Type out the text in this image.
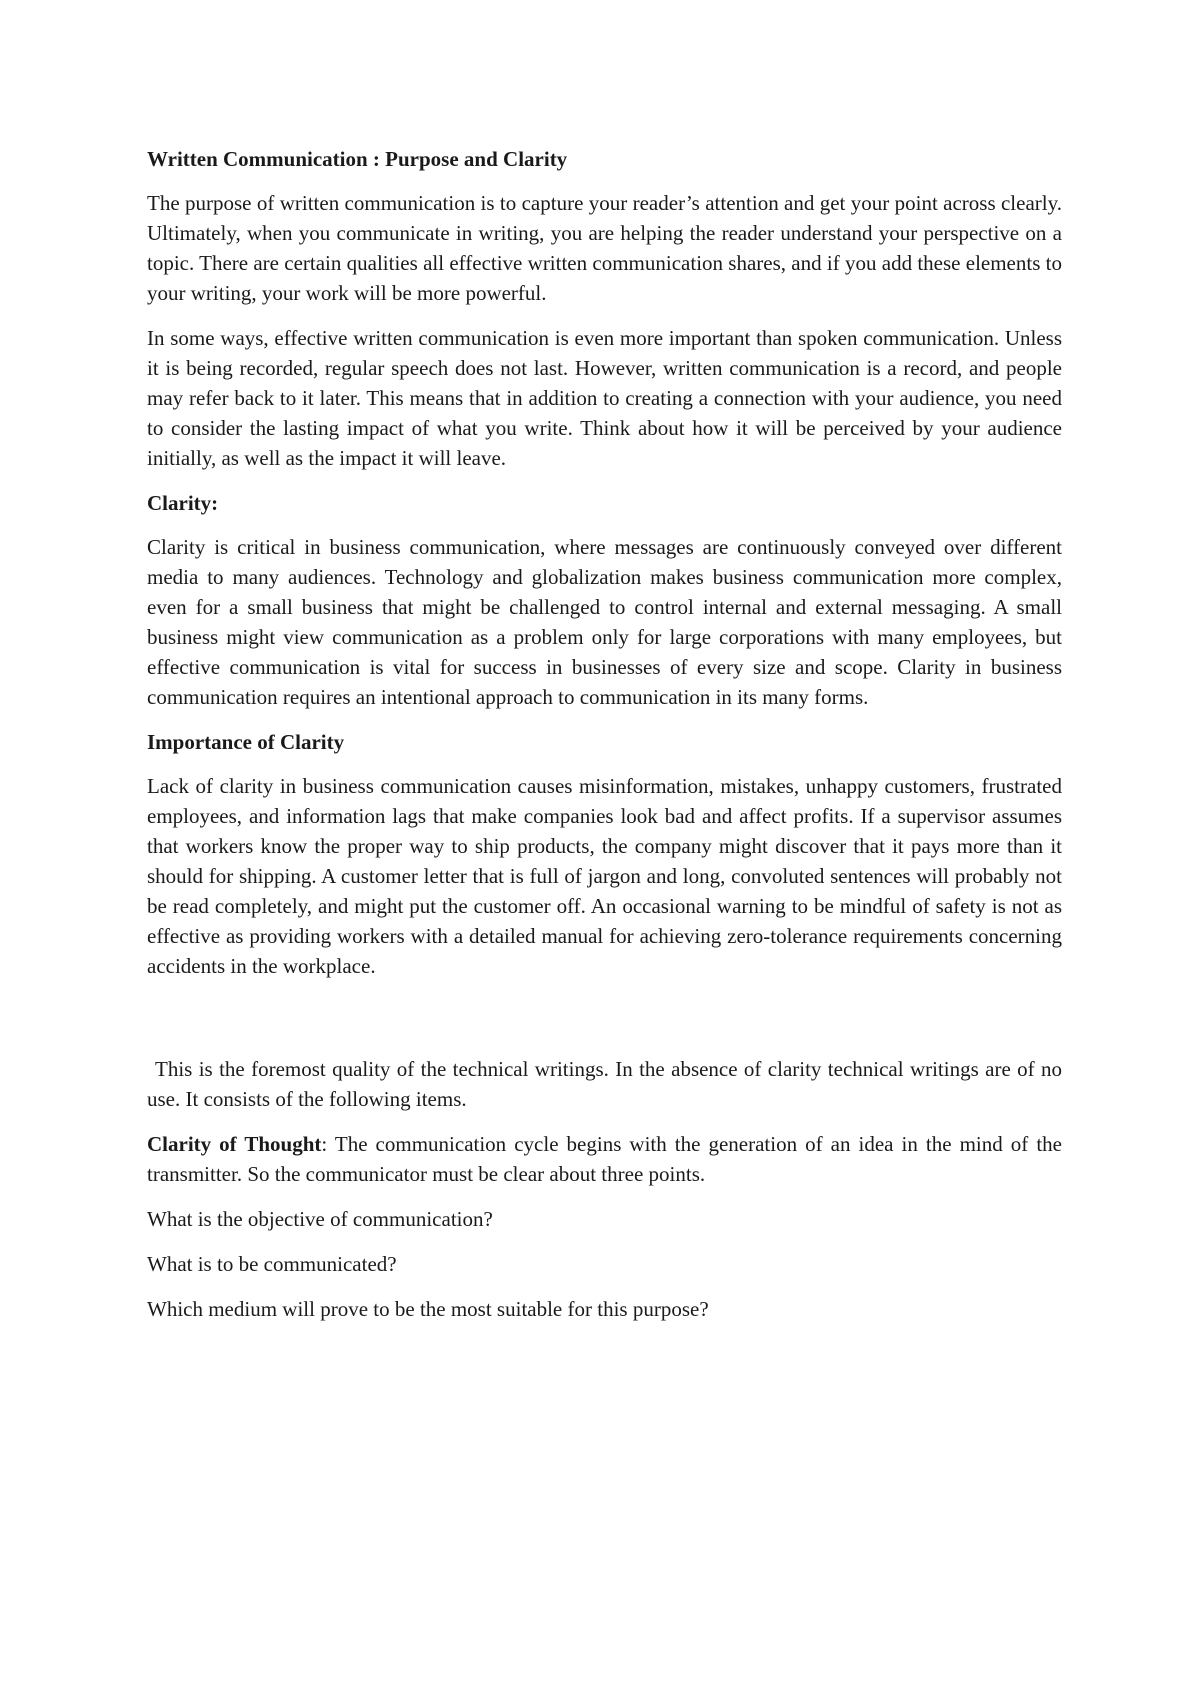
Written Communication : Purpose and Clarity

The purpose of written communication is to capture your reader’s attention and get your point across clearly. Ultimately, when you communicate in writing, you are helping the reader understand your perspective on a topic. There are certain qualities all effective written communication shares, and if you add these elements to your writing, your work will be more powerful.

In some ways, effective written communication is even more important than spoken communication. Unless it is being recorded, regular speech does not last. However, written communication is a record, and people may refer back to it later. This means that in addition to creating a connection with your audience, you need to consider the lasting impact of what you write. Think about how it will be perceived by your audience initially, as well as the impact it will leave.

Clarity:

Clarity is critical in business communication, where messages are continuously conveyed over different media to many audiences. Technology and globalization makes business communication more complex, even for a small business that might be challenged to control internal and external messaging. A small business might view communication as a problem only for large corporations with many employees, but effective communication is vital for success in businesses of every size and scope. Clarity in business communication requires an intentional approach to communication in its many forms.

Importance of Clarity

Lack of clarity in business communication causes misinformation, mistakes, unhappy customers, frustrated employees, and information lags that make companies look bad and affect profits. If a supervisor assumes that workers know the proper way to ship products, the company might discover that it pays more than it should for shipping. A customer letter that is full of jargon and long, convoluted sentences will probably not be read completely, and might put the customer off. An occasional warning to be mindful of safety is not as effective as providing workers with a detailed manual for achieving zero-tolerance requirements concerning accidents in the workplace.

This is the foremost quality of the technical writings. In the absence of clarity technical writings are of no use. It consists of the following items.

Clarity of Thought: The communication cycle begins with the generation of an idea in the mind of the transmitter. So the communicator must be clear about three points.

What is the objective of communication?

What is to be communicated?

Which medium will prove to be the most suitable for this purpose?
